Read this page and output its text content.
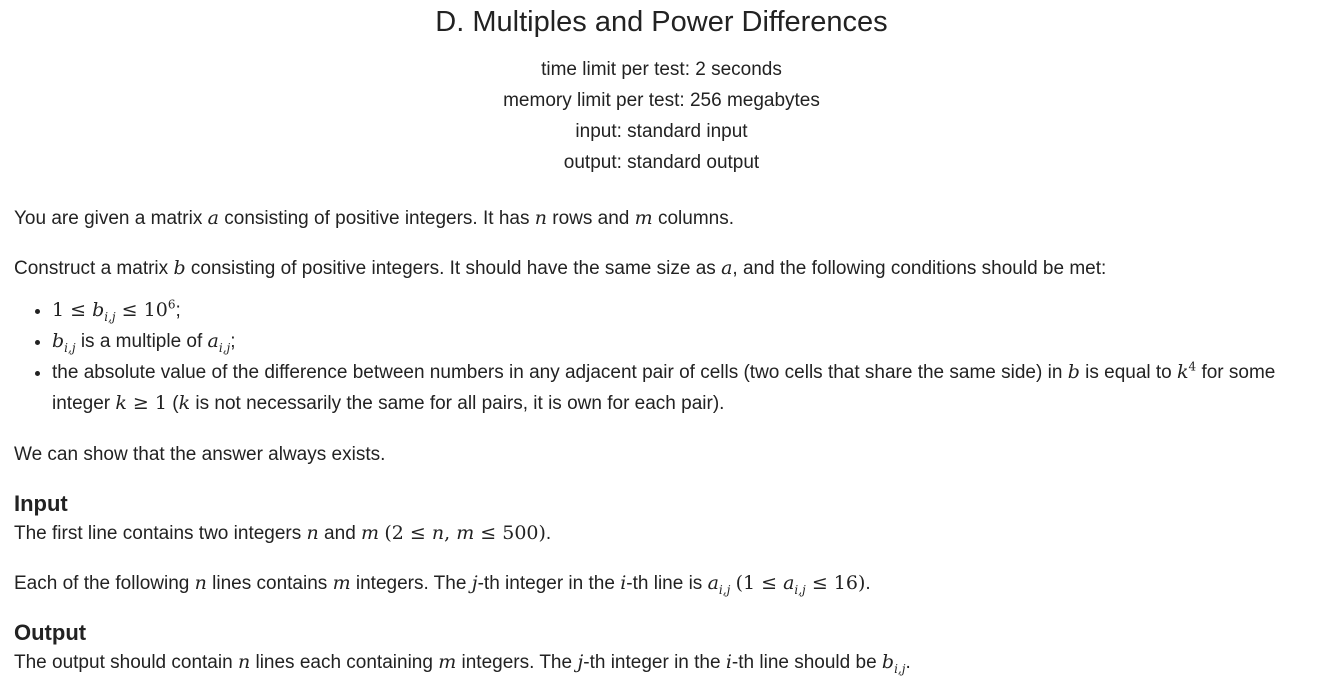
D. Multiples and Power Differences
time limit per test: 2 seconds
memory limit per test: 256 megabytes
input: standard input
output: standard output

You are given a matrix a consisting of positive integers. It has n rows and m columns.

Construct a matrix b consisting of positive integers. It should have the same size as a, and the following conditions should be met:

• $1 \le b_{i,j} \le 10^6$;
• $b_{i,j}$ is a multiple of $a_{i,j}$;
• the absolute value of the difference between numbers in any adjacent pair of cells (two cells that share the same side) in b is equal to $k^4$ for some integer k ≥ 1 (k is not necessarily the same for all pairs, it is own for each pair).

We can show that the answer always exists.

Input

The first line contains two integers n and m (2 ≤ n, m ≤ 500).

Each of the following n lines contains m integers. The j-th integer in the i-th line is $a_{i,j}$ $(1 \le a_{i,j} \le 16)$.

Output

The output should contain n lines each containing m integers. The j-th integer in the i-th line should be $b_{i,j}$.
